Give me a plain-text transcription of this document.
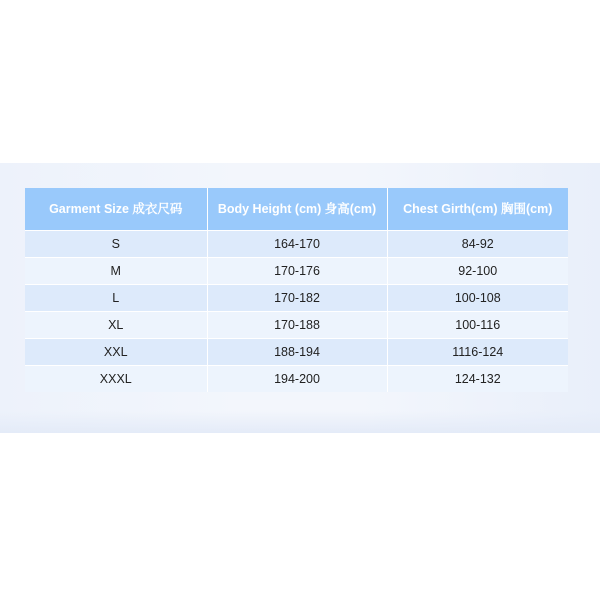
Garment Size 成衣尺码	Body Height (cm) 身高(cm)	Chest Girth(cm) 胸围(cm)
S	164-170	84-92
M	170-176	92-100
L	170-182	100-108
XL	170-188	100-116
XXL	188-194	1116-124
XXXL	194-200	124-132
